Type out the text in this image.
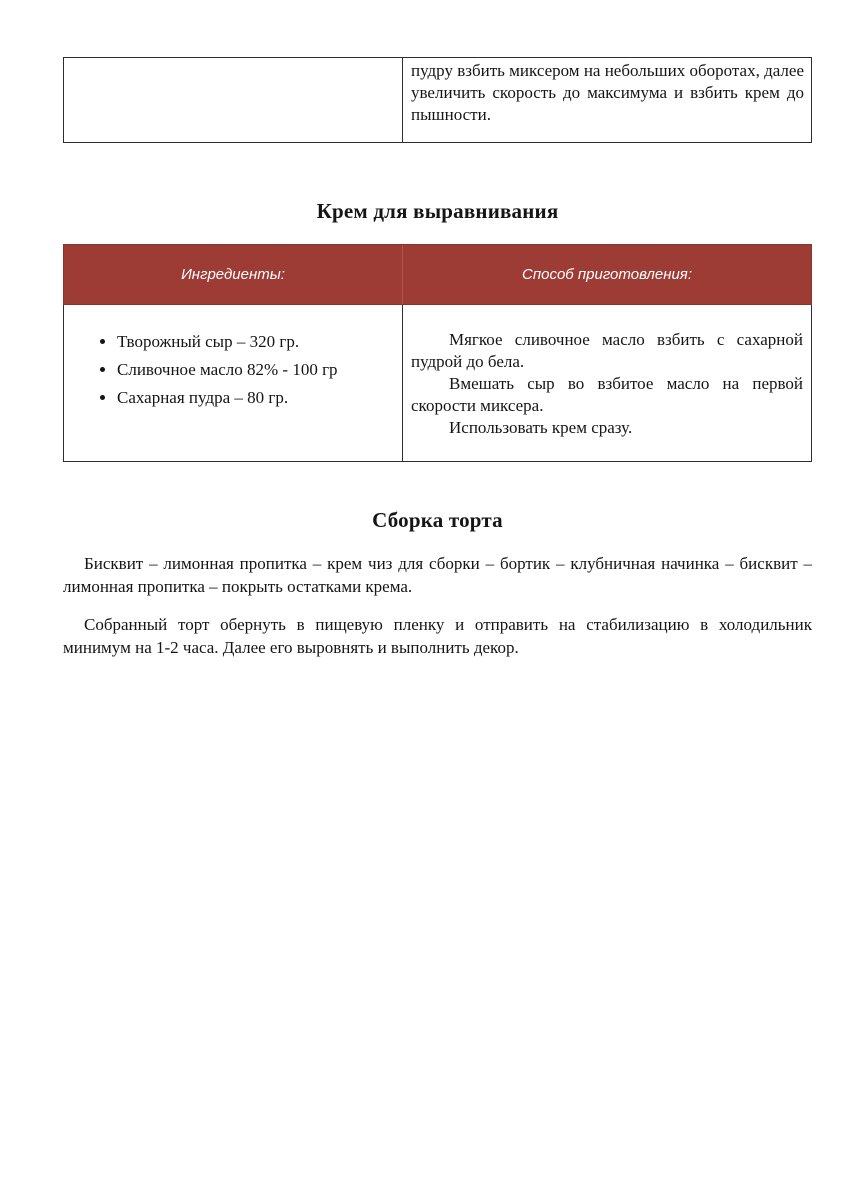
пудру взбить миксером на небольших оборотах, далее увеличить скорость до максимума и взбить крем до пышности.
Крем для выравнивания
Ингредиенты:	Способ приготовления:
• Творожный сыр – 320 гр.
• Сливочное масло 82% - 100 гр
• Сахарная пудра – 80 гр.

Мягкое сливочное масло взбить с сахарной пудрой до бела.

Вмешать сыр во взбитое масло на первой скорости миксера.

Использовать крем сразу.

Сборка торта

Бисквит – лимонная пропитка – крем чиз для сборки – бортик – клубничная начинка – бисквит – лимонная пропитка – покрыть остатками крема.

Собранный торт обернуть в пищевую пленку и отправить на стабилизацию в холодильник минимум на 1-2 часа. Далее его выровнять и выполнить декор.
